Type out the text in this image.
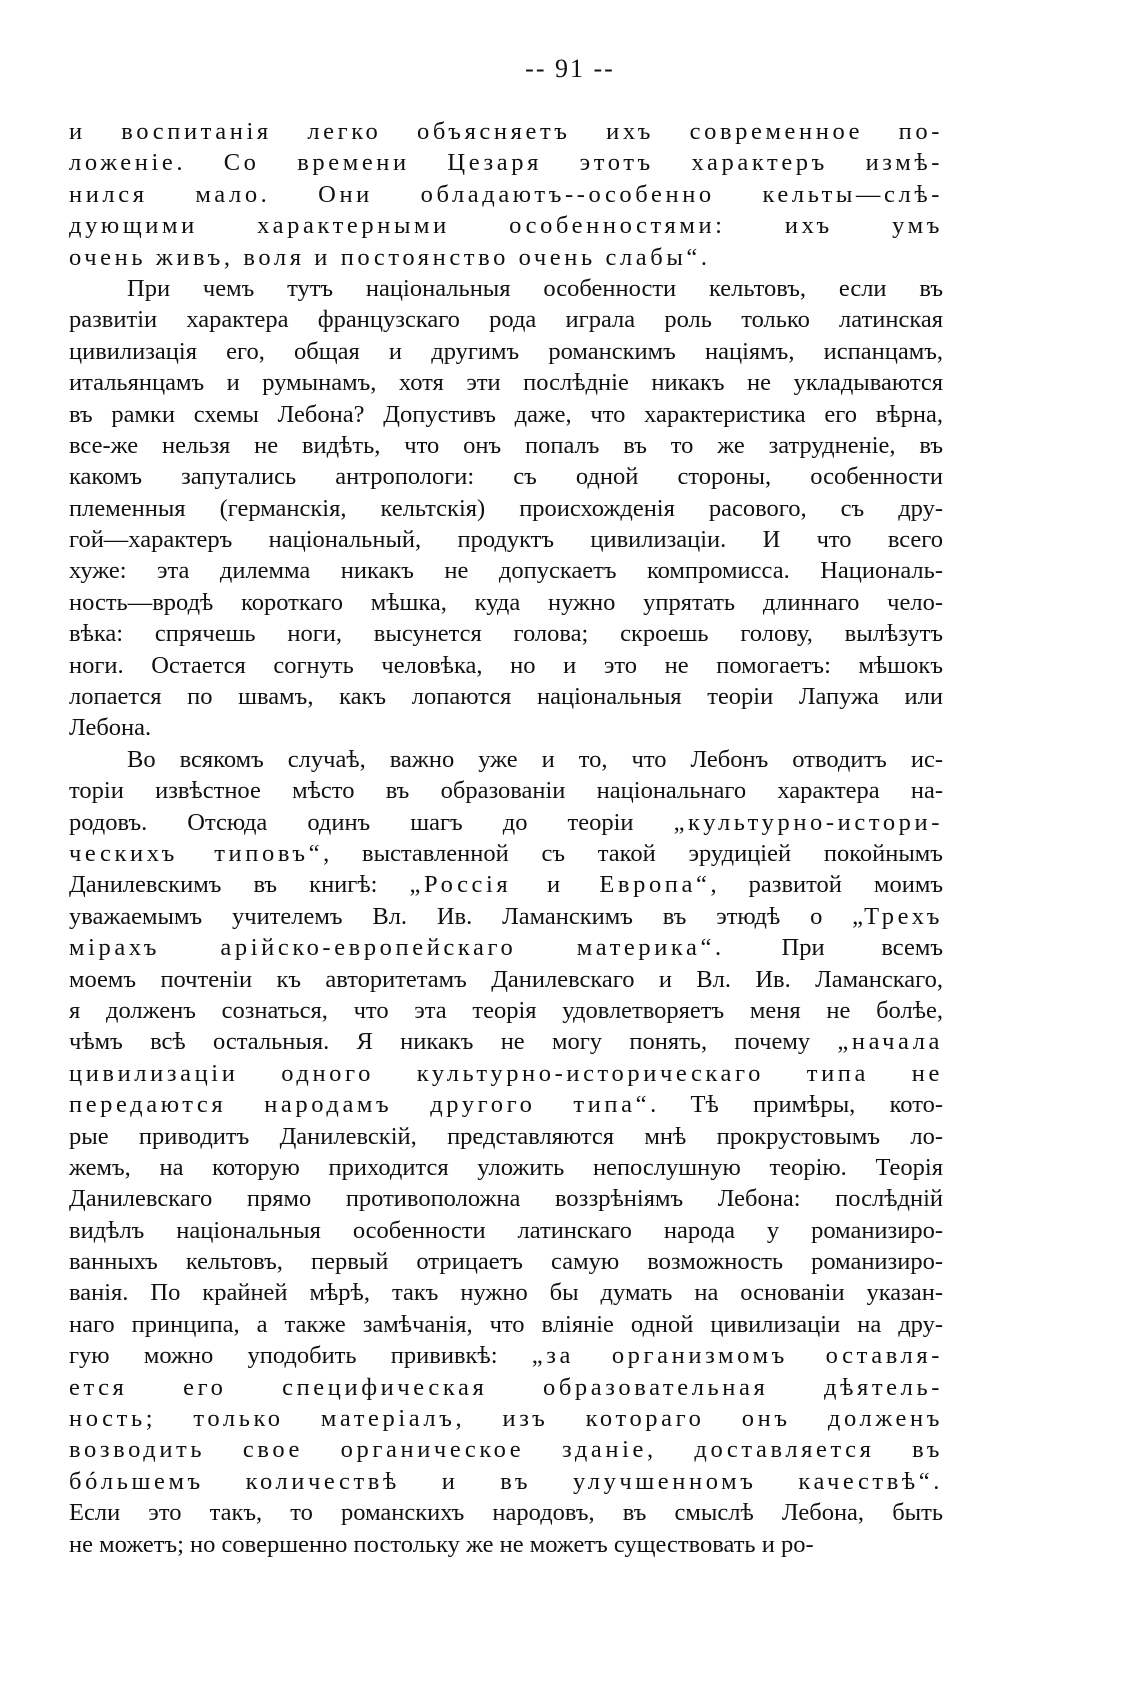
-- 91 --
и воспитанія легко объясняетъ ихъ современное по-
ложеніе. Со времени Цезаря этотъ характеръ измѣ-
нился мало. Они обладаютъ--особенно кельты—слѣ-
дующими характерными особенностями: ихъ умъ
очень живъ, воля и постоянство очень слабы“.
При чемъ тутъ національныя особенности кельтовъ, если въ
развитіи характера французскаго рода играла роль только латинская
цивилизація его, общая и другимъ романскимъ націямъ, испанцамъ,
итальянцамъ и румынамъ, хотя эти послѣдніе никакъ не укладываются
въ рамки схемы Лебона? Допустивъ даже, что характеристика его вѣрна,
все-же нельзя не видѣть, что онъ попалъ въ то же затрудненіе, въ
какомъ запутались антропологи: съ одной стороны, особенности
племенныя (германскія, кельтскія) происхожденія расового, съ дру-
гой—характеръ національный, продуктъ цивилизаціи. И что всего
хуже: эта дилемма никакъ не допускаетъ компромисса. Националь-
ность—вродѣ короткаго мѣшка, куда нужно упрятать длиннаго чело-
вѣка: спрячешь ноги, высунется голова; скроешь голову, вылѣзутъ
ноги. Остается согнуть человѣка, но и это не помогаетъ: мѣшокъ
лопается по швамъ, какъ лопаются національныя теоріи Лапужа или
Лебона.
Во всякомъ случаѣ, важно уже и то, что Лебонъ отводитъ ис-
торіи извѣстное мѣсто въ образованіи національнаго характера на-
родовъ. Отсюда одинъ шагъ до теоріи „культурно-истори-
ческихъ типовъ“, выставленной съ такой эрудиціей покойнымъ
Данилевскимъ въ книгѣ: „Россія и Европа“, развитой моимъ
уважаемымъ учителемъ Вл. Ив. Ламанскимъ въ этюдѣ о „Трехъ
мірахъ арійско-европейскаго материка“. При всемъ
моемъ почтеніи къ авторитетамъ Данилевскаго и Вл. Ив. Ламанскаго,
я долженъ сознаться, что эта теорія удовлетворяетъ меня не болѣе,
чѣмъ всѣ остальныя. Я никакъ не могу понять, почему „начала
цивилизаціи одного культурно-историческаго типа не
передаются народамъ другого типа“. Тѣ примѣры, кото-
рые приводитъ Данилевскій, представляются мнѣ прокрустовымъ ло-
жемъ, на которую приходится уложить непослушную теорію. Теорія
Данилевскаго прямо противоположна воззрѣніямъ Лебона: послѣдній
видѣлъ національныя особенности латинскаго народа у романизиро-
ванныхъ кельтовъ, первый отрицаетъ самую возможность романизиро-
ванія. По крайней мѣрѣ, такъ нужно бы думать на основаніи указан-
наго принципа, а также замѣчанія, что вліяніе одной цивилизаціи на дру-
гую можно уподобить прививкѣ: „за организмомъ оставля-
ется его специфическая образовательная дѣятель-
ность; только матеріалъ, изъ котораго онъ долженъ
возводить свое органическое зданіе, доставляется въ
бóльшемъ количествѣ и въ улучшенномъ качествѣ“.
Если это такъ, то романскихъ народовъ, въ смыслѣ Лебона, быть
не можетъ; но совершенно постольку же не можетъ существовать и ро-
